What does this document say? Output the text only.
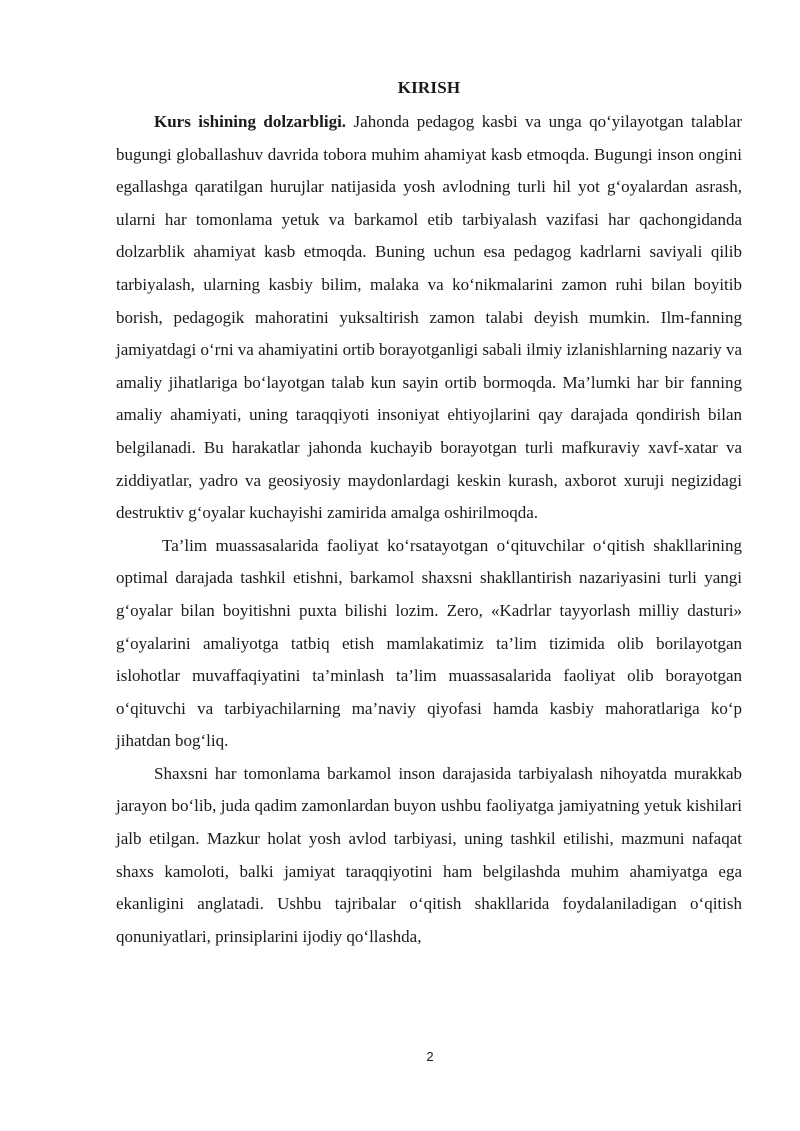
KIRISH

Kurs ishining dolzarbligi. Jahonda pedagog kasbi va unga qo‘yilayotgan talablar bugungi globallashuv davrida tobora muhim ahamiyat kasb etmoqda. Bugungi inson ongini egallashga qaratilgan hurujlar natijasida yosh avlodning turli hil yot g‘oyalardan asrash, ularni har tomonlama yetuk va barkamol etib tarbiyalash vazifasi har qachongidanda dolzarblik ahamiyat kasb etmoqda. Buning uchun esa pedagog kadrlarni saviyali qilib tarbiyalash, ularning kasbiy bilim, malaka va ko‘nikmalarini zamon ruhi bilan boyitib borish, pedagogik mahoratini yuksaltirish zamon talabi deyish mumkin. Ilm-fanning jamiyatdagi o‘rni va ahamiyatini ortib borayotganligi sabali ilmiy izlanishlarning nazariy va amaliy jihatlariga bo‘layotgan talab kun sayin ortib bormoqda. Ma’lumki har bir fanning amaliy ahamiyati, uning taraqqiyoti insoniyat ehtiyojlarini qay darajada qondirish bilan belgilanadi. Bu harakatlar jahonda kuchayib borayotgan turli mafkuraviy xavf-xatar va ziddiyatlar, yadro va geosiyosiy maydonlardagi keskin kurash, axborot xuruji negizidagi destruktiv g‘oyalar kuchayishi zamirida amalga oshirilmoqda.

Ta’lim muassasalarida faoliyat ko‘rsatayotgan o‘qituvchilar o‘qitish shakllarining optimal darajada tashkil etishni, barkamol shaxsni shakllantirish nazariyasini turli yangi g‘oyalar bilan boyitishni puxta bilishi lozim. Zero, «Kadrlar tayyorlash milliy dasturi» g‘oyalarini amaliyotga tatbiq etish mamlakatimiz ta’lim tizimida olib borilayotgan islohotlar muvaffaqiyatini ta’minlash ta’lim muassasalarida faoliyat olib borayotgan o‘qituvchi va tarbiyachilarning ma’naviy qiyofasi hamda kasbiy mahoratlariga ko‘p jihatdan bog‘liq.

Shaxsni har tomonlama barkamol inson darajasida tarbiyalash nihoyatda murakkab jarayon bo‘lib, juda qadim zamonlardan buyon ushbu faoliyatga jamiyatning yetuk kishilari jalb etilgan. Mazkur holat yosh avlod tarbiyasi, uning tashkil etilishi, mazmuni nafaqat shaxs kamoloti, balki jamiyat taraqqiyotini ham belgilashda muhim ahamiyatga ega ekanligini anglatadi. Ushbu tajribalar o‘qitish shakllarida foydalaniladigan o‘qitish qonuniyatlari, prinsiplarini ijodiy qo‘llashda,

2
